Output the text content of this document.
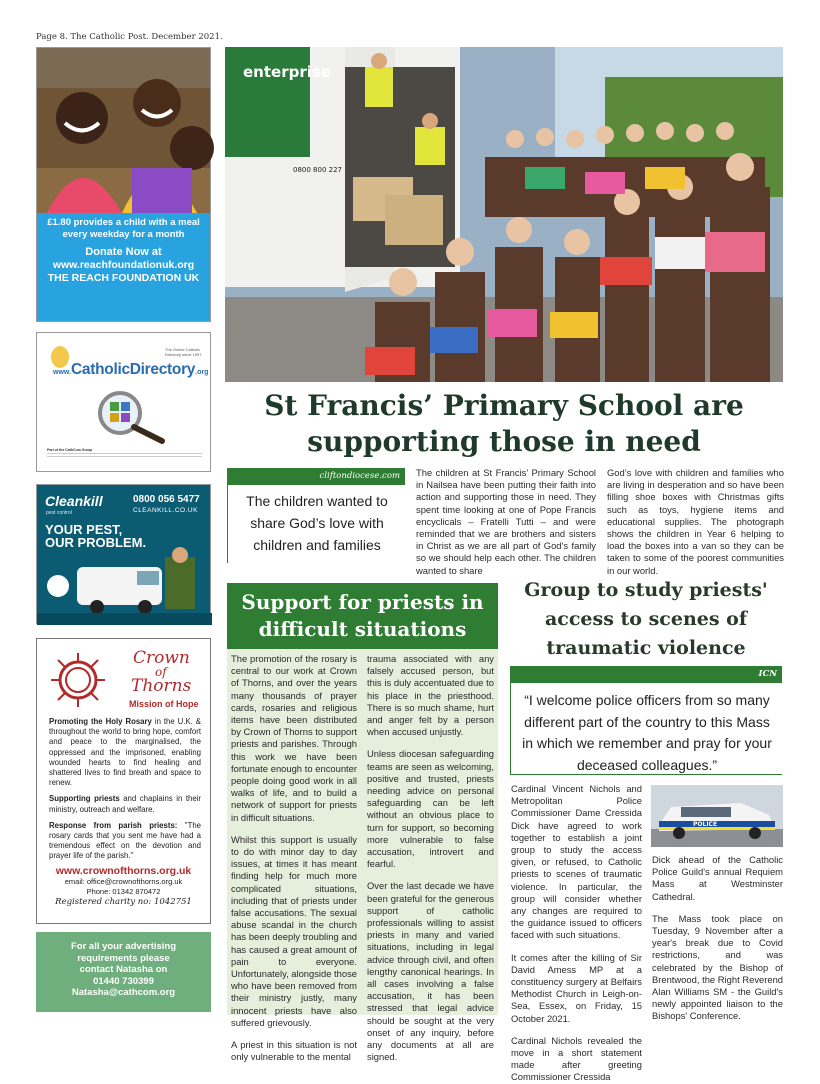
Page 8. The Catholic Post. December 2021.
£1.80 provides a child with a meal every weekday for a month
Donate Now at
www.reachfoundationuk.org
THE REACH FOUNDATION UK
www.CatholicDirectory.org
The Online Catholic Directory since 1997
Part of the CathCom Group
Cleankill
pest control
0800 056 5477
CLEANKILL.CO.UK
YOUR PEST,
OUR PROBLEM.
Crown
of
Thorns
Mission of Hope

Promoting the Holy Rosary in the U.K. & throughout the world to bring hope, comfort and peace to the marginalised, the oppressed and the imprisoned, enabling wounded hearts to find healing and shattered lives to find breath and space to renew.

Supporting priests and chaplains in their ministry, outreach and welfare.

Response from parish priests: "The rosary cards that you sent me have had a tremendous effect on the devotion and prayer life of the parish."

www.crownofthorns.org.uk
email: office@crownofthorns.org.uk
Phone: 01342 870472
Registered charity no: 1042751
For all your advertising
requirements please
contact Natasha on
01440 730399
Natasha@cathcom.org
enterprise
0800 800 227
St Francis’ Primary School are
supporting those in need
cliftondiocese.com
The children wanted to share God’s love with children and families
The children at St Francis’ Primary School in Nailsea have been putting their faith into action and supporting those in need. They spent time looking at one of Pope Francis encyclicals – Fratelli Tutti – and were reminded that we are brothers and sisters in Christ as we are all part of God’s family so we should help each other. The children wanted to share
God’s love with children and families who are living in desperation and so have been filling shoe boxes with Christmas gifts such as toys, hygiene items and educational supplies. The photograph shows the children in Year 6 helping to load the boxes into a van so they can be taken to some of the poorest communities in our world.
Support for priests in
difficult situations

The promotion of the rosary is central to our work at Crown of Thorns, and over the years many thousands of prayer cards, rosaries and religious items have been distributed by Crown of Thorns to support priests and parishes. Through this work we have been fortunate enough to encounter people doing good work in all walks of life, and to build a network of support for priests in difficult situations.

Whilst this support is usually to do with minor day to day issues, at times it has meant finding help for much more complicated situations, including that of priests under false accusations. The sexual abuse scandal in the church has been deeply troubling and has caused a great amount of pain to everyone. Unfortunately, alongside those who have been removed from their ministry justly, many innocent priests have also suffered grievously.

A priest in this situation is not only vulnerable to the mental

trauma associated with any falsely accused person, but this is duly accentuated due to his place in the priesthood. There is so much shame, hurt and anger felt by a person when accused unjustly.

Unless diocesan safeguarding teams are seen as welcoming, positive and trusted, priests needing advice on personal safeguarding can be left without an obvious place to turn for support, so becoming more vulnerable to false accusation, introvert and fearful.

Over the last decade we have been grateful for the generous support of catholic professionals willing to assist priests in many and varied situations, including in legal advice through civil, and often lengthy canonical hearings. In all cases involving a false accusation, it has been stressed that legal advice should be sought at the very onset of any inquiry, before any documents at all are signed.

Group to study priests'
access to scenes of
traumatic violence
ICN
“I welcome police officers from so many different part of the country to this Mass in which we remember and pray for your deceased colleagues.”

Cardinal Vincent Nichols and Metropolitan Police Commissioner Dame Cressida Dick have agreed to work together to establish a joint group to study the access given, or refused, to Catholic priests to scenes of traumatic violence. In particular, the group will consider whether any changes are required to the guidance issued to officers faced with such situations.

It comes after the killing of Sir David Amess MP at a constituency surgery at Belfairs Methodist Church in Leigh-on-Sea, Essex, on Friday, 15 October 2021.

Cardinal Nichols revealed the move in a short statement made after greeting Commissioner Cressida

POLICE

Dick ahead of the Catholic Police Guild's annual Requiem Mass at Westminster Cathedral.

The Mass took place on Tuesday, 9 November after a year's break due to Covid restrictions, and was celebrated by the Bishop of Brentwood, the Right Reverend Alan Williams SM - the Guild's newly appointed liaison to the Bishops' Conference.
